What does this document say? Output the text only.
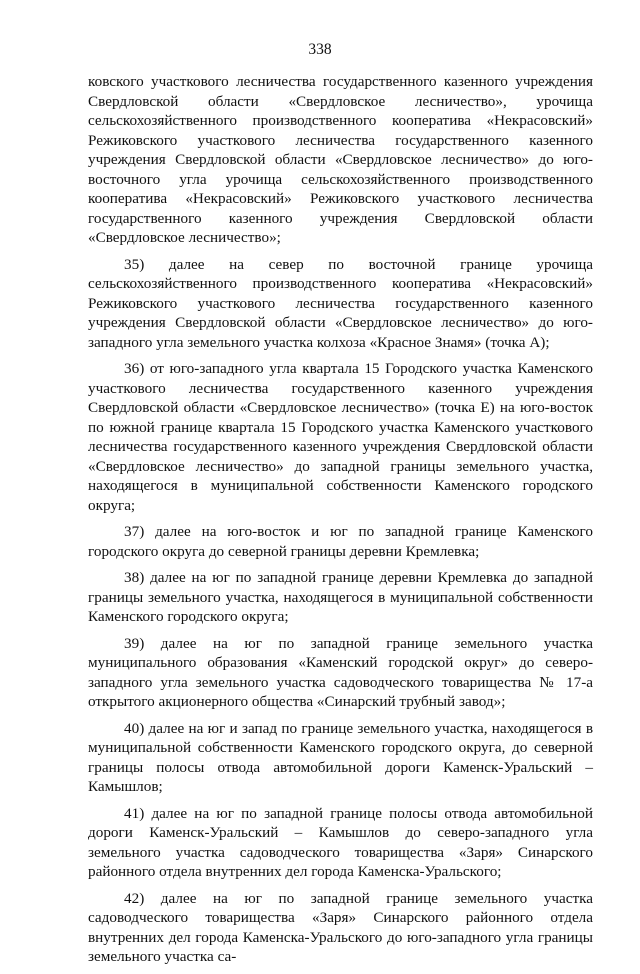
338

ковского участкового лесничества государственного казенного учреждения Свердловской области «Свердловское лесничество», урочища сельскохозяйственного производственного кооператива «Некрасовский» Режиковского участкового лесничества государственного казенного учреждения Свердловской области «Свердловское лесничество» до юго-восточного угла урочища сельскохозяйственного производственного кооператива «Некрасовский» Режиковского участкового лесничества государственного казенного учреждения Свердловской области «Свердловское лесничество»;

35) далее на север по восточной границе урочища сельскохозяйственного производственного кооператива «Некрасовский» Режиковского участкового лесничества государственного казенного учреждения Свердловской области «Свердловское лесничество» до юго-западного угла земельного участка колхоза «Красное Знамя» (точка А);

36) от юго-западного угла квартала 15 Городского участка Каменского участкового лесничества государственного казенного учреждения Свердловской области «Свердловское лесничество» (точка Е) на юго-восток по южной границе квартала 15 Городского участка Каменского участкового лесничества государственного казенного учреждения Свердловской области «Свердловское лесничество» до западной границы земельного участка, находящегося в муниципальной собственности Каменского городского округа;

37) далее на юго-восток и юг по западной границе Каменского городского округа до северной границы деревни Кремлевка;

38) далее на юг по западной границе деревни Кремлевка до западной границы земельного участка, находящегося в муниципальной собственности Каменского городского округа;

39) далее на юг по западной границе земельного участка муниципального образования «Каменский городской округ» до северо-западного угла земельного участка садоводческого товарищества № 17-а открытого акционерного общества «Синарский трубный завод»;

40) далее на юг и запад по границе земельного участка, находящегося в муниципальной собственности Каменского городского округа, до северной границы полосы отвода автомобильной дороги Каменск-Уральский – Камышлов;

41) далее на юг по западной границе полосы отвода автомобильной дороги Каменск-Уральский – Камышлов до северо-западного угла земельного участка садоводческого товарищества «Заря» Синарского районного отдела внутренних дел города Каменска-Уральского;

42) далее на юг по западной границе земельного участка садоводческого товарищества «Заря» Синарского районного отдела внутренних дел города Каменска-Уральского до юго-западного угла границы земельного участка са-
